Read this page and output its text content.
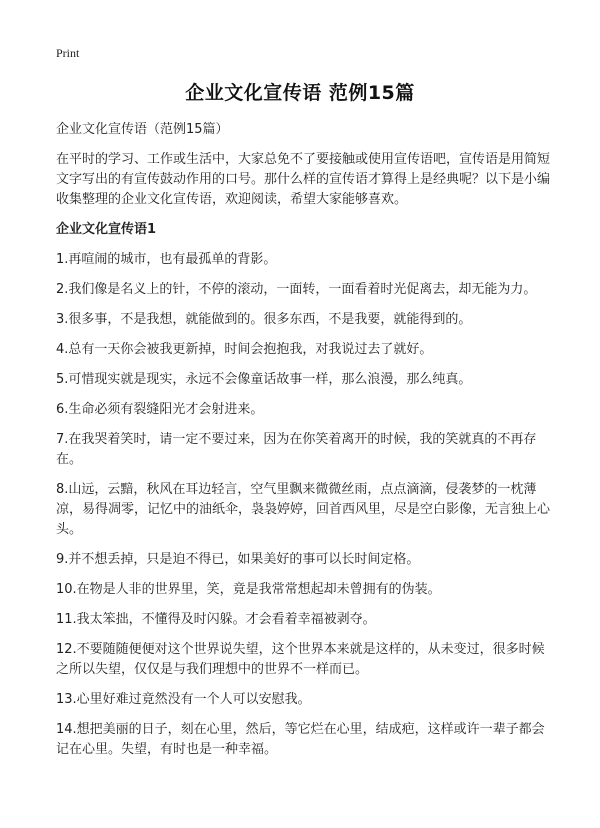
Print
企业文化宣传语 范例15篇

企业文化宣传语（范例15篇）

在平时的学习、工作或生活中，大家总免不了要接触或使用宣传语吧，宣传语是用简短文字写出的有宣传鼓动作用的口号。那什么样的宣传语才算得上是经典呢？以下是小编收集整理的企业文化宣传语，欢迎阅读，希望大家能够喜欢。

企业文化宣传语1

1.再喧闹的城市，也有最孤单的背影。

2.我们像是名义上的针，不停的滚动，一面转，一面看着时光促离去，却无能为力。

3.很多事，不是我想，就能做到的。很多东西，不是我要，就能得到的。

4.总有一天你会被我更新掉，时间会抱抱我，对我说过去了就好。

5.可惜现实就是现实，永远不会像童话故事一样，那么浪漫，那么纯真。

6.生命必须有裂缝阳光才会射进来。

7.在我哭着笑时，请一定不要过来，因为在你笑着离开的时候，我的笑就真的不再存在。

8.山远，云黯，秋风在耳边轻言，空气里飘来微微丝雨，点点滴滴，侵袭梦的一枕薄凉，易得凋零，记忆中的油纸伞，袅袅婷婷，回首西风里，尽是空白影像，无言独上心头。

9.并不想丢掉，只是迫不得已，如果美好的事可以长时间定格。

10.在物是人非的世界里，笑，竟是我常常想起却未曾拥有的伪装。

11.我太笨拙，不懂得及时闪躲。才会看着幸福被剥夺。

12.不要随随便便对这个世界说失望，这个世界本来就是这样的，从未变过，很多时候之所以失望，仅仅是与我们理想中的世界不一样而已。

13.心里好难过竟然没有一个人可以安慰我。

14.想把美丽的日子，刻在心里，然后，等它烂在心里，结成疤，这样或许一辈子都会记在心里。失望，有时也是一种幸福。
